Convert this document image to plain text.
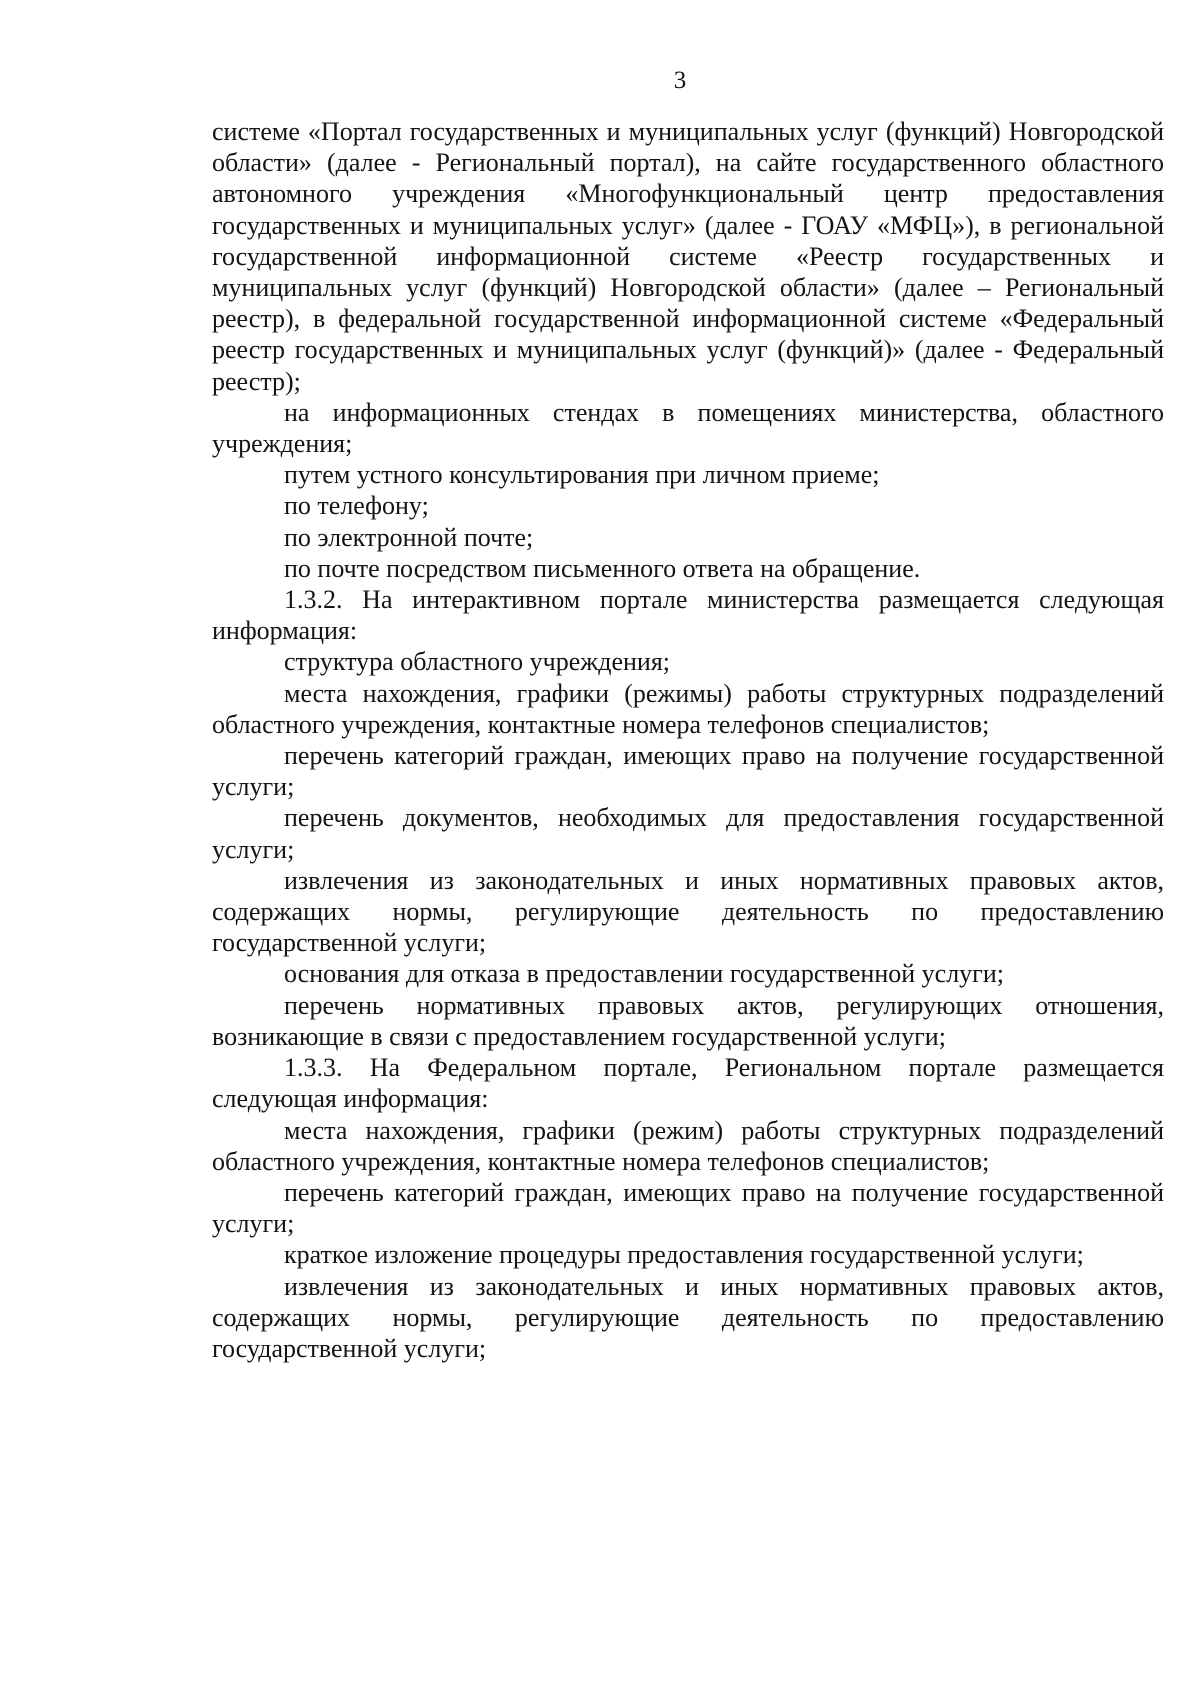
3

системе «Портал государственных и муниципальных услуг (функций) Новгородской области» (далее - Региональный портал), на сайте государственного областного автономного учреждения «Многофункциональный центр предоставления государственных и муниципальных услуг» (далее - ГОАУ «МФЦ»), в региональной государственной информационной системе «Реестр государственных и муниципальных услуг (функций) Новгородской области» (далее – Региональный реестр), в федеральной государственной информационной системе «Федеральный реестр государственных и муниципальных услуг (функций)» (далее - Федеральный реестр);

на информационных стендах в помещениях министерства, областного учреждения;

путем устного консультирования при личном приеме;

по телефону;

по электронной почте;

по почте посредством письменного ответа на обращение.

1.3.2. На интерактивном портале министерства размещается следующая информация:

структура областного учреждения;

места нахождения, графики (режимы) работы структурных подразделений областного учреждения, контактные номера телефонов специалистов;

перечень категорий граждан, имеющих право на получение государственной услуги;

перечень документов, необходимых для предоставления государственной услуги;

извлечения из законодательных и иных нормативных правовых актов, содержащих нормы, регулирующие деятельность по предоставлению государственной услуги;

основания для отказа в предоставлении государственной услуги;

перечень нормативных правовых актов, регулирующих отношения, возникающие в связи с предоставлением государственной услуги;

1.3.3. На Федеральном портале, Региональном портале размещается следующая информация:

места нахождения, графики (режим) работы структурных подразделений областного учреждения, контактные номера телефонов специалистов;

перечень категорий граждан, имеющих право на получение государственной услуги;

краткое изложение процедуры предоставления государственной услуги;

извлечения из законодательных и иных нормативных правовых актов, содержащих нормы, регулирующие деятельность по предоставлению государственной услуги;
